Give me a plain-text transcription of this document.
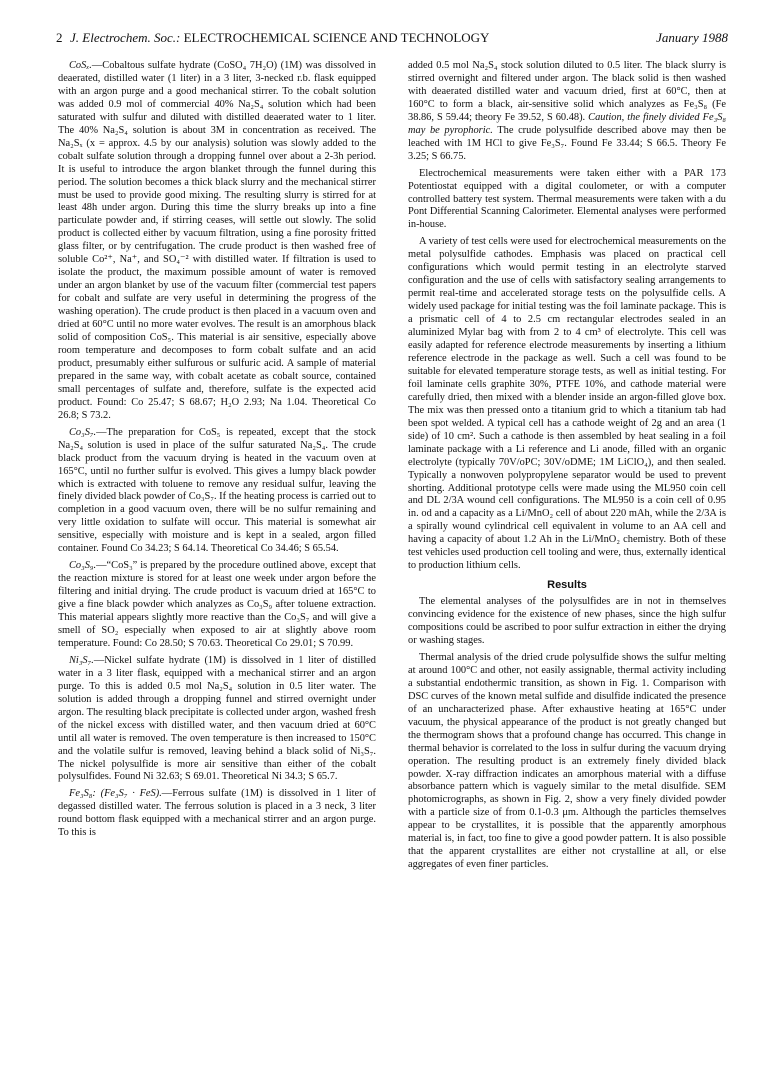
2 J. Electrochem. Soc.: ELECTROCHEMICAL SCIENCE AND TECHNOLOGY	January 1988

CoSₓ.—Cobaltous sulfate hydrate (CoSO₄ 7H₂O) (1M) was dissolved in deaerated, distilled water (1 liter) in a 3 liter, 3-necked r.b. flask equipped with an argon purge and a good mechanical stirrer. To the cobalt solution was added 0.9 mol of commercial 40% Na₂S₄ solution which had been saturated with sulfur and diluted with distilled deaerated water to 1 liter. The 40% Na₂S₄ solution is about 3M in concentration as received. The Na₂Sₓ (x = approx. 4.5 by our analysis) solution was slowly added to the cobalt sulfate solution through a dropping funnel over about a 2-3h period. It is useful to introduce the argon blanket through the funnel during this period. The solution becomes a thick black slurry and the mechanical stirrer must be used to provide good mixing. The resulting slurry is stirred for at least 48h under argon. During this time the slurry breaks up into a fine particulate powder and, if stirring ceases, will settle out slowly. The solid product is collected either by vacuum filtration, using a fine porosity fritted glass filter, or by centrifugation. The crude product is then washed free of soluble Co²⁺, Na⁺, and SO₄⁻² with distilled water. If filtration is used to isolate the product, the maximum possible amount of water is removed under an argon blanket by use of the vacuum filter (commercial test papers for cobalt and sulfate are very useful in determining the progress of the washing operation). The crude product is then placed in a vacuum oven and dried at 60°C until no more water evolves. The result is an amorphous black solid of composition CoS₅. This material is air sensitive, especially above room temperature and decomposes to form cobalt sulfate and an acid product, presumably either sulfurous or sulfuric acid. A sample of material prepared in the same way, with cobalt acetate as cobalt source, contained small percentages of sulfate and, therefore, sulfate is the expected acid product. Found: Co 25.47; S 68.67; H₂O 2.93; Na 1.04. Theoretical Co 26.8; S 73.2.

Co₃S₇.—The preparation for CoS₅ is repeated, except that the stock Na₂S₄ solution is used in place of the sulfur saturated Na₂S₄. The crude black product from the vacuum drying is heated in the vacuum oven at 165°C, until no further sulfur is evolved. This gives a lumpy black powder which is extracted with toluene to remove any residual sulfur, leaving the finely divided black powder of Co₃S₇. If the heating process is carried out to completion in a good vacuum oven, there will be no sulfur remaining and very little oxidation to sulfate will occur. This material is somewhat air sensitive, especially with moisture and is kept in a sealed, argon filled container. Found Co 34.23; S 64.14. Theoretical Co 34.46; S 65.54.

Co₃S₉.—“CoS₃” is prepared by the procedure outlined above, except that the reaction mixture is stored for at least one week under argon before the filtering and initial drying. The crude product is vacuum dried at 165°C to give a fine black powder which analyzes as Co₃S₉ after toluene extraction. This material appears slightly more reactive than the Co₃S₇ and will give a smell of SO₂ especially when exposed to air at slightly above room temperature. Found: Co 28.50; S 70.63. Theoretical Co 29.01; S 70.99.

Ni₃S₇.—Nickel sulfate hydrate (1M) is dissolved in 1 liter of distilled water in a 3 liter flask, equipped with a mechanical stirrer and an argon purge. To this is added 0.5 mol Na₂S₄ solution in 0.5 liter water. The solution is added through a dropping funnel and stirred overnight under argon. The resulting black precipitate is collected under argon, washed fresh of the nickel excess with distilled water, and then vacuum dried at 60°C until all water is removed. The oven temperature is then increased to 150°C and the volatile sulfur is removed, leaving behind a black solid of Ni₃S₇. The nickel polysulfide is more air sensitive than either of the cobalt polysulfides. Found Ni 32.63; S 69.01. Theoretical Ni 34.3; S 65.7.

Fe₃S₈: (Fe₃S₇ · FeS).—Ferrous sulfate (1M) is dissolved in 1 liter of degassed distilled water. The ferrous solution is placed in a 3 neck, 3 liter round bottom flask equipped with a mechanical stirrer and an argon purge. To this is

added 0.5 mol Na₂S₄ stock solution diluted to 0.5 liter. The black slurry is stirred overnight and filtered under argon. The black solid is then washed with deaerated distilled water and vacuum dried, first at 60°C, then at 160°C to form a black, air-sensitive solid which analyzes as Fe₃S₈ (Fe 38.86, S 59.44; theory Fe 39.52, S 60.48). Caution, the finely divided Fe₃S₈ may be pyrophoric. The crude polysulfide described above may then be leached with 1M HCl to give Fe₃S₇. Found Fe 33.44; S 66.5. Theory Fe 3.25; S 66.75.

Electrochemical measurements were taken either with a PAR 173 Potentiostat equipped with a digital coulometer, or with a computer controlled battery test system. Thermal measurements were taken with a du Pont Differential Scanning Calorimeter. Elemental analyses were performed in-house.

A variety of test cells were used for electrochemical measurements on the metal polysulfide cathodes. Emphasis was placed on practical cell configurations which would permit testing in an electrolyte starved configuration and the use of cells with satisfactory sealing arrangements to permit real-time and accelerated storage tests on the polysulfide cells. A widely used package for initial testing was the foil laminate package. This is a prismatic cell of 4 to 2.5 cm rectangular electrodes sealed in an aluminized Mylar bag with from 2 to 4 cm³ of electrolyte. This cell was easily adapted for reference electrode measurements by inserting a lithium reference electrode in the package as well. Such a cell was found to be suitable for elevated temperature storage tests, as well as initial testing. For foil laminate cells graphite 30%, PTFE 10%, and cathode material were carefully dried, then mixed with a blender inside an argon-filled glove box. The mix was then pressed onto a titanium grid to which a titanium tab had been spot welded. A typical cell has a cathode weight of 2g and an area (1 side) of 10 cm². Such a cathode is then assembled by heat sealing in a foil laminate package with a Li reference and Li anode, filled with an organic electrolyte (typically 70V/oPC; 30V/oDME; 1M LiClO₄), and then sealed. Typically a nonwoven polypropylene separator would be used to prevent shorting. Additional prototype cells were made using the ML950 coin cell and DL 2/3A wound cell configurations. The ML950 is a coin cell of 0.95 in. od and a capacity as a Li/MnO₂ cell of about 220 mAh, while the 2/3A is a spirally wound cylindrical cell equivalent in volume to an AA cell and having a capacity of about 1.2 Ah in the Li/MnO₂ chemistry. Both of these test vehicles used production cell tooling and were, thus, externally identical to production lithium cells.

Results

The elemental analyses of the polysulfides are in not in themselves convincing evidence for the existence of new phases, since the high sulfur compositions could be ascribed to poor sulfur extraction in either the drying or washing stages.

Thermal analysis of the dried crude polysulfide shows the sulfur melting at around 100°C and other, not easily assignable, thermal activity including a substantial endothermic transition, as shown in Fig. 1. Comparison with DSC curves of the known metal sulfide and disulfide indicated the presence of an uncharacterized phase. After exhaustive heating at 165°C under vacuum, the physical appearance of the product is not greatly changed but the thermogram shows that a profound change has occurred. This change in thermal behavior is correlated to the loss in sulfur during the vacuum drying operation. The resulting product is an extremely finely divided black powder. X-ray diffraction indicates an amorphous material with a diffuse absorbance pattern which is vaguely similar to the metal disulfide. SEM photomicrographs, as shown in Fig. 2, show a very finely divided powder with a particle size of from 0.1-0.3 μm. Although the particles themselves appear to be crystallites, it is possible that the apparently amorphous material is, in fact, too fine to give a good powder pattern. It is also possible that the apparent crystallites are either not crystalline at all, or else aggregates of even finer particles.
